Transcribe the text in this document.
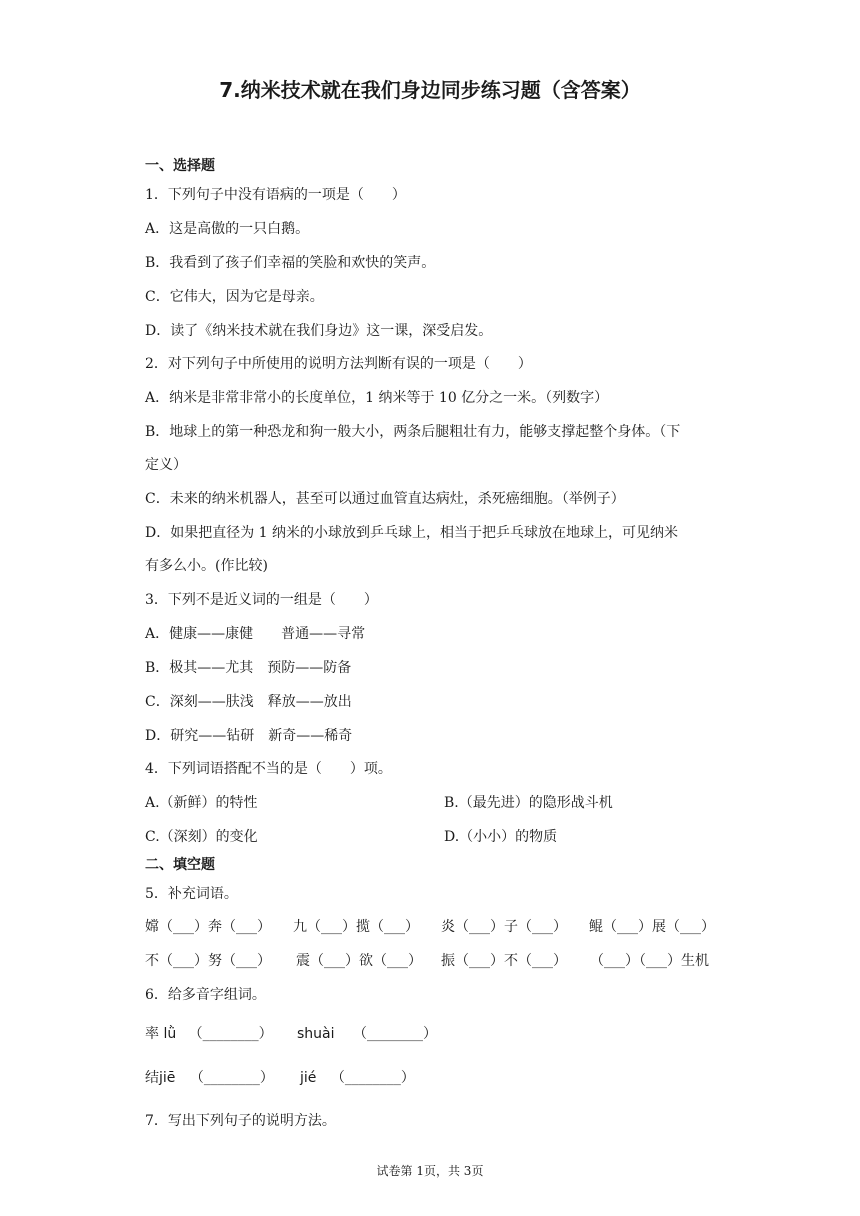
7.纳米技术就在我们身边同步练习题（含答案）
一、选择题
1．下列句子中没有语病的一项是（　　）
A．这是高傲的一只白鹅。
B．我看到了孩子们幸福的笑脸和欢快的笑声。
C．它伟大，因为它是母亲。
D．读了《纳米技术就在我们身边》这一课，深受启发。
2．对下列句子中所使用的说明方法判断有误的一项是（　　）
A．纳米是非常非常小的长度单位，1 纳米等于 10 亿分之一米。（列数字）
B．地球上的第一种恐龙和狗一般大小，两条后腿粗壮有力，能够支撑起整个身体。（下
定义）
C．未来的纳米机器人，甚至可以通过血管直达病灶，杀死癌细胞。（举例子）
D．如果把直径为 1 纳米的小球放到乒乓球上，相当于把乒乓球放在地球上，可见纳米
有多么小。(作比较)
3．下列不是近义词的一组是（　　）
A．健康——康健　　普通——寻常
B．极其——尤其　预防——防备
C．深刻——肤浅　释放——放出
D．研究——钻研　新奇——稀奇
4．下列词语搭配不当的是（　　）项。
A.（新鲜）的特性	B.（最先进）的隐形战斗机
C.（深刻）的变化	D.（小小）的物质
二、填空题
5．补充词语。
嫦（___）奔（___） 九（___）揽（___） 炎（___）子（___） 鲲（___）展（___）
不（___）努（___） 震（___）欲（___） 振（___）不（___） （___）（___）生机
6．给多音字组词。
率 lǜ （________） shuài （________）
结jiē （________） jié （________）
7．写出下列句子的说明方法。
试卷第 1页，共 3页
